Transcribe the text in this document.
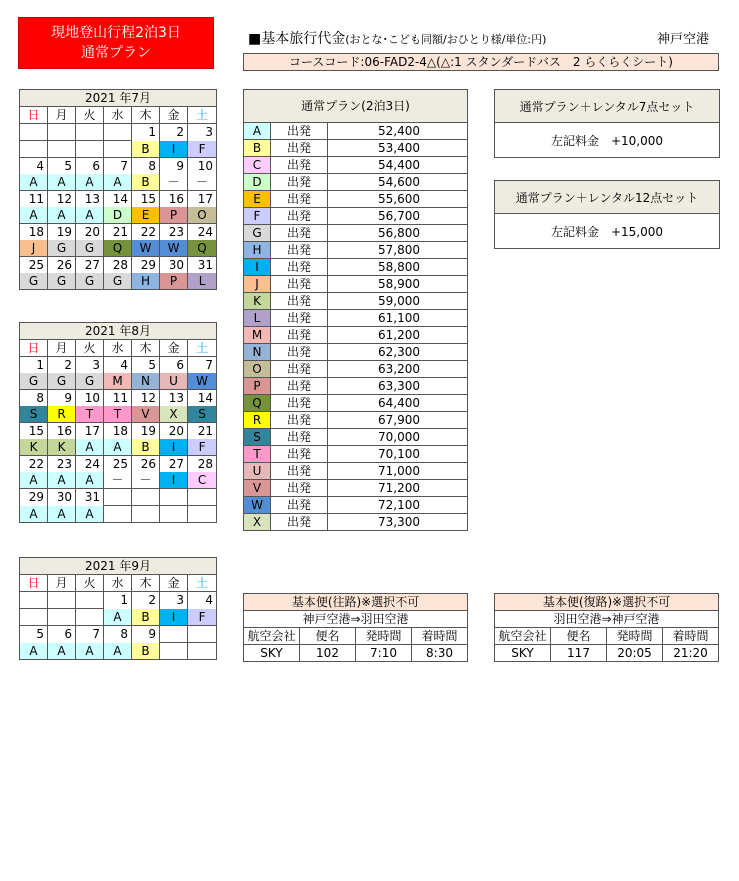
現地登山行程2泊3日
通常プラン
■基本旅行代金(おとな･こども同額/おひとり様/単位:円)	神戸空港
コースコード:06-FAD2-4△(△:1 スタンダードバス　2 らくらくシート)
2021 年7月						
日	月	火	水	木	金	土
				1	2	3
				B	I	F
4	5	6	7	8	9	10
A	A	A	A	B	－	－
11	12	13	14	15	16	17
A	A	A	D	E	P	O
18	19	20	21	22	23	24
J	G	G	Q	W	W	Q
25	26	27	28	29	30	31
G	G	G	G	H	P	L
2021 年8月						
日	月	火	水	木	金	土
1	2	3	4	5	6	7
G	G	G	M	N	U	W
8	9	10	11	12	13	14
S	R	T	T	V	X	S
15	16	17	18	19	20	21
K	K	A	A	B	I	F
22	23	24	25	26	27	28
A	A	A	－	－	I	C
29	30	31				
A	A	A				
2021 年9月						
日	月	火	水	木	金	土
			1	2	3	4
			A	B	I	F
5	6	7	8	9		
A	A	A	A	B		
通常プラン(2泊3日)		
A	出発	52,400
B	出発	53,400
C	出発	54,400
D	出発	54,600
E	出発	55,600
F	出発	56,700
G	出発	56,800
H	出発	57,800
I	出発	58,800
J	出発	58,900
K	出発	59,000
L	出発	61,100
M	出発	61,200
N	出発	62,300
O	出発	63,200
P	出発	63,300
Q	出発	64,400
R	出発	67,900
S	出発	70,000
T	出発	70,100
U	出発	71,000
V	出発	71,200
W	出発	72,100
X	出発	73,300
通常プラン＋レンタル7点セット
左記料金　+10,000
通常プラン＋レンタル12点セット
左記料金　+15,000
基本便(往路)※選択不可			
神戸空港⇒羽田空港			
航空会社	便名	発時間	着時間
SKY	102	7:10	8:30
基本便(復路)※選択不可			
羽田空港⇒神戸空港			
航空会社	便名	発時間	着時間
SKY	117	20:05	21:20
